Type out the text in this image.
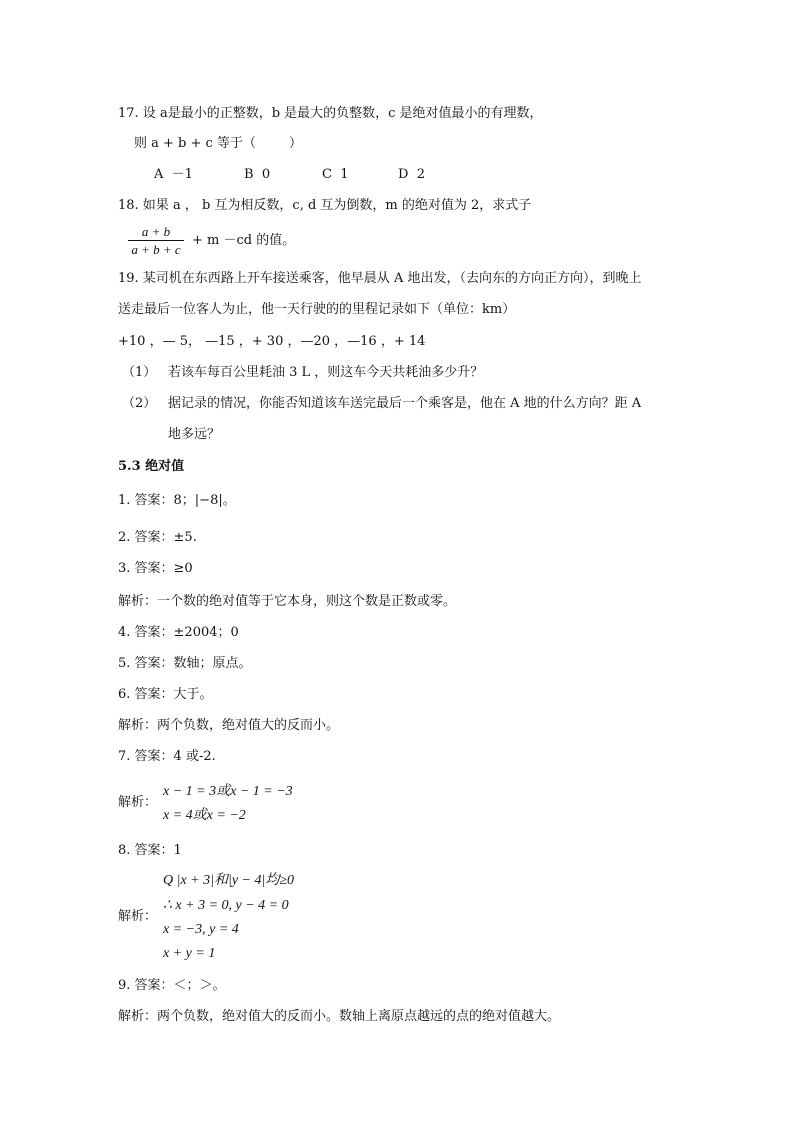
17. 设 a是最小的正整数，b 是最大的负整数，c 是绝对值最小的有理数，
则 a + b + c 等于（        ）
A  －1	B  0	C  1	D  2
18. 如果 a ， b 互为相反数，c, d 互为倒数，m 的绝对值为 2，求式子
a + b
a + b + c
+ m －cd 的值。
19. 某司机在东西路上开车接送乘客，他早晨从 A 地出发，（去向东的方向正方向），到晚上
送走最后一位客人为止，他一天行驶的的里程记录如下（单位：km）
+10 ，— 5， —15 ，+ 30 ，—20 ，—16 ，+ 14
（1） 若该车每百公里耗油 3 L ，则这车今天共耗油多少升？
（2） 据记录的情况，你能否知道该车送完最后一个乘客是，他在 A 地的什么方向？距 A
地多远？
5.3 绝对值
1. 答案：8；|−8|。
2. 答案：±5.
3. 答案：≥0
解析：一个数的绝对值等于它本身，则这个数是正数或零。
4. 答案：±2004；0
5. 答案：数轴；原点。
6. 答案：大于。
解析：两个负数，绝对值大的反而小。
7. 答案：4 或-2.
解析：
x − 1 = 3或x − 1 = −3
x = 4或x = −2
8. 答案：1
Q |x + 3|和|y − 4|均≥0
∴ x + 3 = 0, y − 4 = 0
解析：
x = −3, y = 4
x + y = 1
9. 答案：＜；＞。
解析：两个负数，绝对值大的反而小。数轴上离原点越远的点的绝对值越大。
